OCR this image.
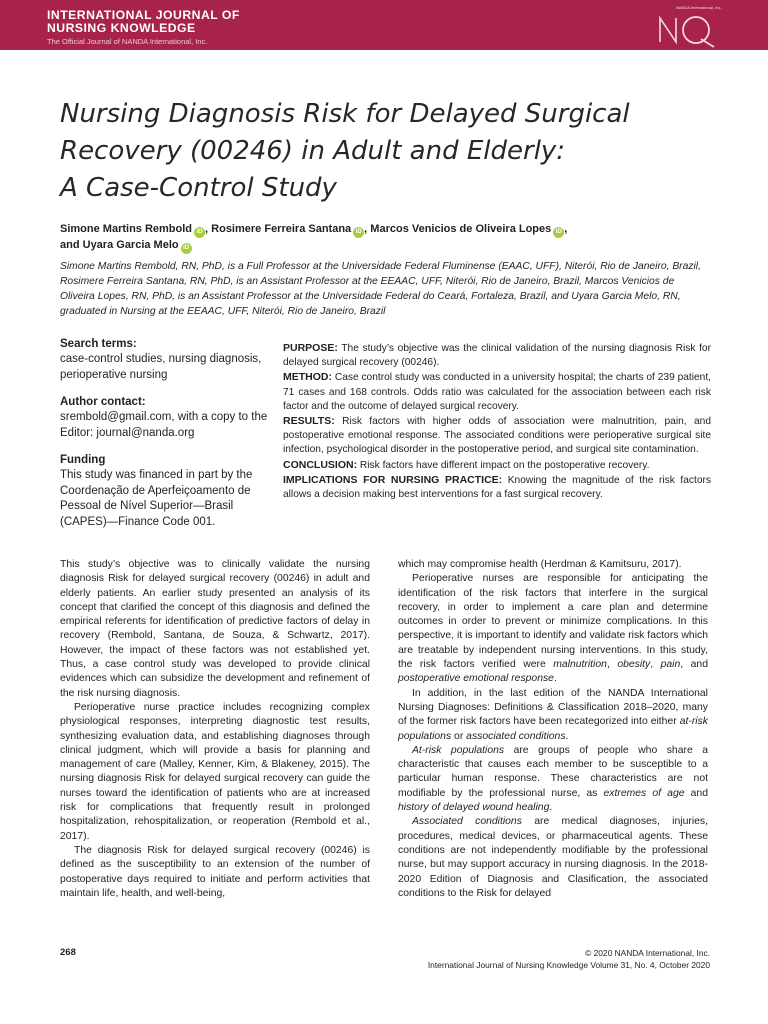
INTERNATIONAL JOURNAL OF
NURSING KNOWLEDGE
The Official Journal of NANDA International, Inc.
NANDA International, Inc.
Nursing Diagnosis Risk for Delayed Surgical
Recovery (00246) in Adult and Elderly:
A Case-Control Study
Simone Martins Rembold iD , Rosimere Ferreira Santana iD , Marcos Venicios de Oliveira Lopes iD ,
and Uyara Garcia Melo iD
Simone Martins Rembold, RN, PhD, is a Full Professor at the Universidade Federal Fluminense (EAAC, UFF), Niterói, Rio de Janeiro, Brazil, Rosimere Ferreira Santana, RN, PhD, is an Assistant Professor at the EEAAC, UFF, Niterói, Rio de Janeiro, Brazil, Marcos Venicios de Oliveira Lopes, RN, PhD, is an Assistant Professor at the Universidade Federal do Ceará, Fortaleza, Brazil, and Uyara Garcia Melo, RN, graduated in Nursing at the EEAAC, UFF, Niterói, Rio de Janeiro, Brazil
Search terms:

case-control studies, nursing diagnosis, perioperative nursing

Author contact:

srembold@gmail.com, with a copy to the Editor: journal@nanda.org

Funding

This study was financed in part by the Coordenação de Aperfeiçoamento de Pessoal de Nível Superior—Brasil (CAPES)—Finance Code 001.

PURPOSE: The study’s objective was the clinical validation of the nursing diagnosis Risk for delayed surgical recovery (00246).

METHOD: Case control study was conducted in a university hospital; the charts of 239 patient, 71 cases and 168 controls. Odds ratio was calculated for the association between each risk factor and the outcome of delayed surgical recovery.

RESULTS: Risk factors with higher odds of association were malnutrition, pain, and postoperative emotional response. The associated conditions were perioperative surgical site infection, psychological disorder in the postoperative period, and surgical site contamination.

CONCLUSION: Risk factors have different impact on the postoperative recovery.

IMPLICATIONS FOR NURSING PRACTICE: Knowing the magnitude of the risk factors allows a decision making best interventions for a fast surgical recovery.

This study’s objective was to clinically validate the nursing diagnosis Risk for delayed surgical recovery (00246) in adult and elderly patients. An earlier study presented an analysis of its concept that clarified the concept of this diagnosis and defined the empirical referents for identification of predictive factors of delay in recovery (Rembold, Santana, de Souza, & Schwartz, 2017). However, the impact of these factors was not established yet. Thus, a case control study was developed to provide clinical evidences which can subsidize the development and refinement of the risk nursing diagnosis.

Perioperative nurse practice includes recognizing complex physiological responses, interpreting diagnostic test results, synthesizing evaluation data, and establishing diagnoses through clinical judgment, which will provide a basis for planning and management of care (Malley, Kenner, Kim, & Blakeney, 2015). The nursing diagnosis Risk for delayed surgical recovery can guide the nurses toward the identification of patients who are at increased risk for complications that frequently result in prolonged hospitalization, rehospitalization, or reoperation (Rembold et al., 2017).

The diagnosis Risk for delayed surgical recovery (00246) is defined as the susceptibility to an extension of the number of postoperative days required to initiate and perform activities that maintain life, health, and well-being,

which may compromise health (Herdman & Kamitsuru, 2017).

Perioperative nurses are responsible for anticipating the identification of the risk factors that interfere in the surgical recovery, in order to implement a care plan and determine outcomes in order to prevent or minimize complications. In this perspective, it is important to identify and validate risk factors which are treatable by independent nursing interventions. In this study, the risk factors verified were malnutrition, obesity, pain, and postoperative emotional response.

In addition, in the last edition of the NANDA International Nursing Diagnoses: Definitions & Classification 2018–2020, many of the former risk factors have been recategorized into either at-risk populations or associated conditions.

At-risk populations are groups of people who share a characteristic that causes each member to be susceptible to a particular human response. These characteristics are not modifiable by the professional nurse, as extremes of age and history of delayed wound healing.

Associated conditions are medical diagnoses, injuries, procedures, medical devices, or pharmaceutical agents. These conditions are not independently modifiable by the professional nurse, but may support accuracy in nursing diagnosis. In the 2018-2020 Edition of Diagnosis and Clasification, the associated conditions to the Risk for delayed

268	© 2020 NANDA International, Inc.
International Journal of Nursing Knowledge Volume 31, No. 4, October 2020
